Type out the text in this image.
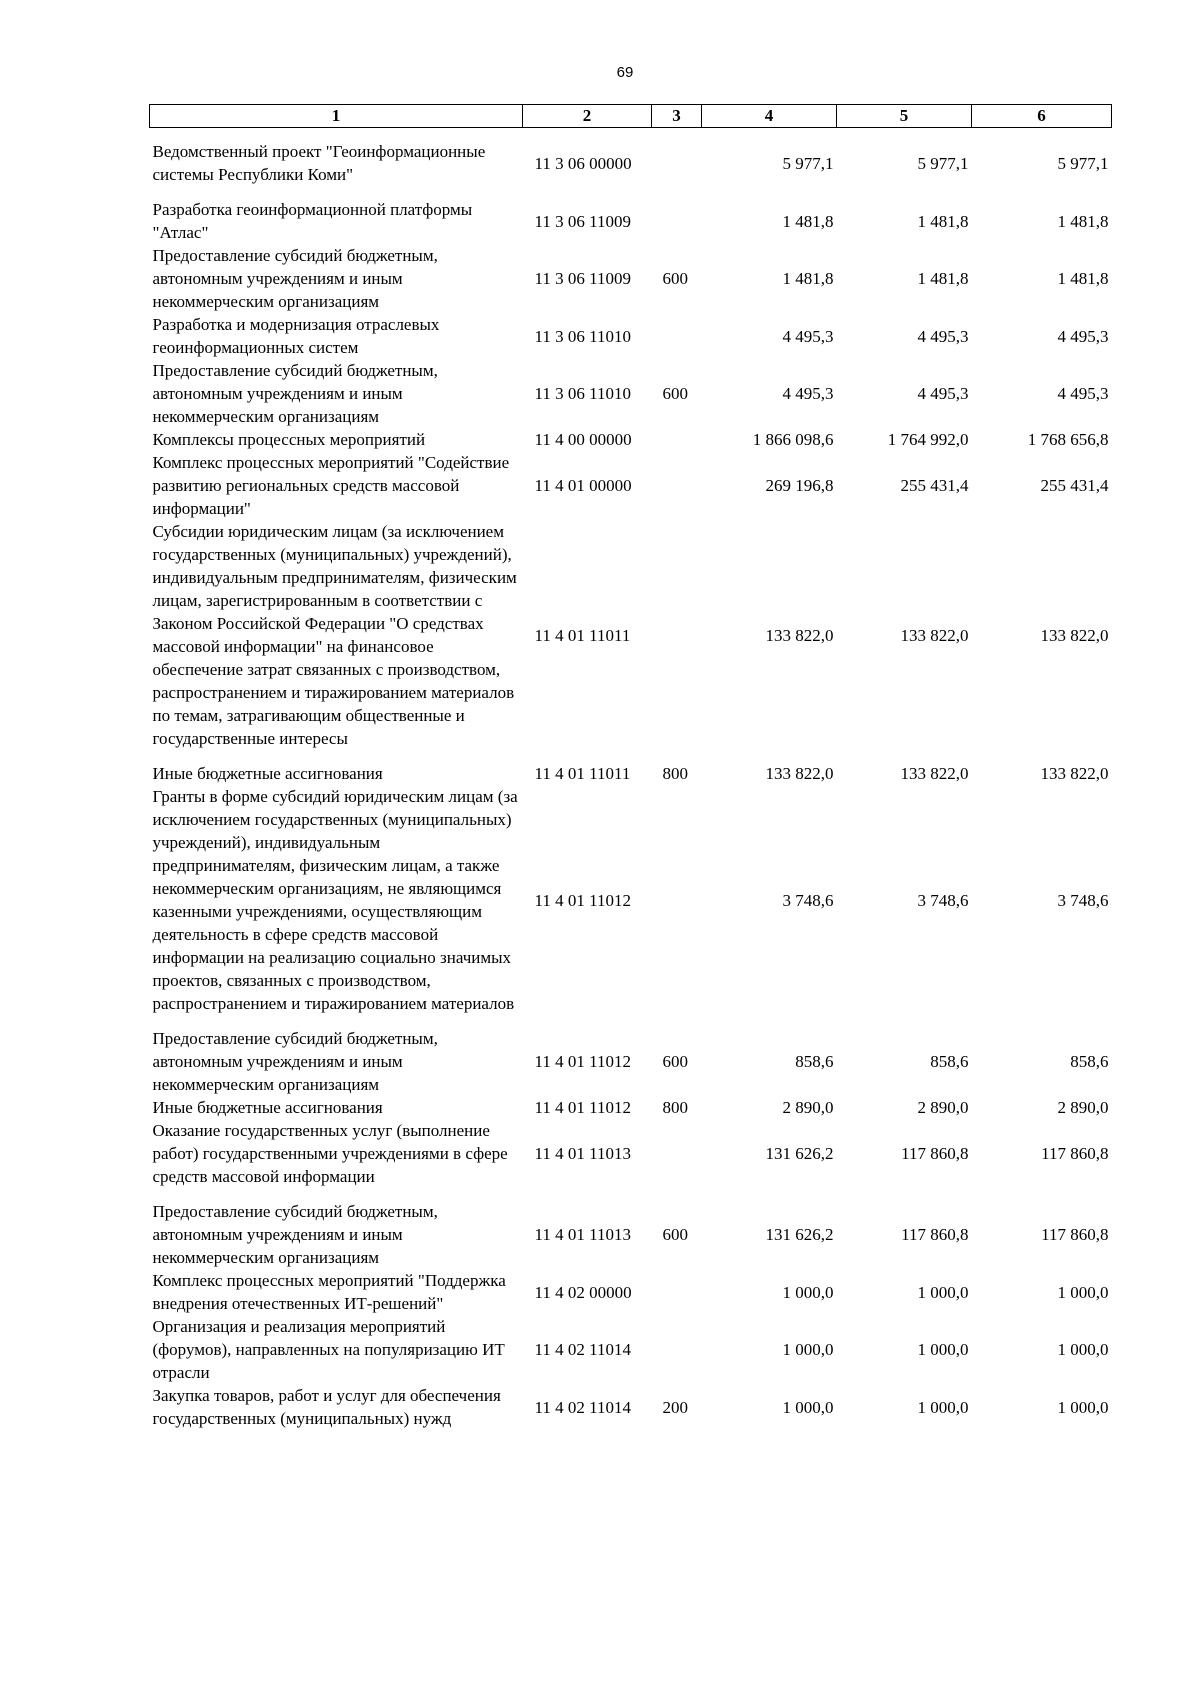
69
1	2	3	4	5	6

Ведомственный проект "Геоинформационные системы Республики Коми"	11 3 06 00000		5 977,1	5 977,1	5 977,1

Разработка геоинформационной платформы "Атлас"	11 3 06 11009		1 481,8	1 481,8	1 481,8
Предоставление субсидий бюджетным, автономным учреждениям и иным некоммерческим организациям	11 3 06 11009	600	1 481,8	1 481,8	1 481,8
Разработка и модернизация отраслевых геоинформационных систем	11 3 06 11010		4 495,3	4 495,3	4 495,3
Предоставление субсидий бюджетным, автономным учреждениям и иным некоммерческим организациям	11 3 06 11010	600	4 495,3	4 495,3	4 495,3
Комплексы процессных мероприятий	11 4 00 00000		1 866 098,6	1 764 992,0	1 768 656,8
Комплекс процессных мероприятий "Содействие развитию региональных средств массовой информации"	11 4 01 00000		269 196,8	255 431,4	255 431,4
Субсидии юридическим лицам (за исключением государственных (муниципальных) учреждений), индивидуальным предпринимателям, физическим лицам, зарегистрированным в соответствии с Законом Российской Федерации "О средствах массовой информации" на финансовое обеспечение затрат связанных с производством, распространением и тиражированием материалов по темам, затрагивающим общественные и государственные интересы	11 4 01 11011		133 822,0	133 822,0	133 822,0

Иные бюджетные ассигнования	11 4 01 11011	800	133 822,0	133 822,0	133 822,0
Гранты в форме субсидий юридическим лицам (за исключением государственных (муниципальных) учреждений), индивидуальным предпринимателям, физическим лицам, а также некоммерческим организациям, не являющимся казенными учреждениями, осуществляющим деятельность в сфере средств массовой информации на реализацию социально значимых проектов, связанных с производством, распространением и тиражированием материалов	11 4 01 11012		3 748,6	3 748,6	3 748,6

Предоставление субсидий бюджетным, автономным учреждениям и иным некоммерческим организациям	11 4 01 11012	600	858,6	858,6	858,6
Иные бюджетные ассигнования	11 4 01 11012	800	2 890,0	2 890,0	2 890,0
Оказание государственных услуг (выполнение работ) государственными учреждениями в сфере средств массовой информации	11 4 01 11013		131 626,2	117 860,8	117 860,8

Предоставление субсидий бюджетным, автономным учреждениям и иным некоммерческим организациям	11 4 01 11013	600	131 626,2	117 860,8	117 860,8
Комплекс процессных мероприятий "Поддержка внедрения отечественных ИТ-решений"	11 4 02 00000		1 000,0	1 000,0	1 000,0
Организация и реализация мероприятий (форумов), направленных на популяризацию ИТ отрасли	11 4 02 11014		1 000,0	1 000,0	1 000,0
Закупка товаров, работ и услуг для обеспечения государственных (муниципальных) нужд	11 4 02 11014	200	1 000,0	1 000,0	1 000,0
